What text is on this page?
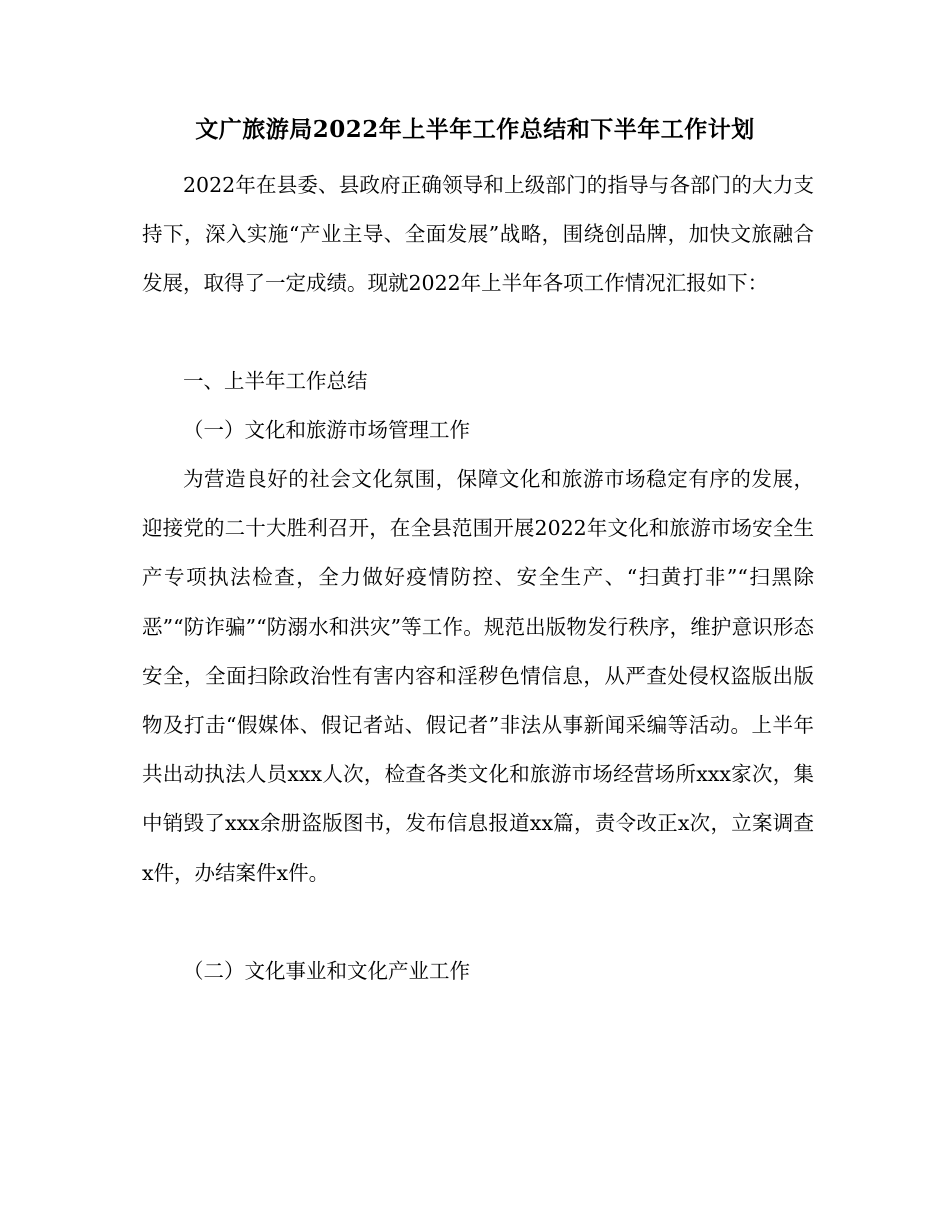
文广旅游局2022年上半年工作总结和下半年工作计划

2022年在县委、县政府正确领导和上级部门的指导与各部门的大力支持下，深入实施“产业主导、全面发展”战略，围绕创品牌，加快文旅融合发展，取得了一定成绩。现就2022年上半年各项工作情况汇报如下：

一、上半年工作总结
（一）文化和旅游市场管理工作

为营造良好的社会文化氛围，保障文化和旅游市场稳定有序的发展，迎接党的二十大胜利召开，在全县范围开展2022年文化和旅游市场安全生产专项执法检查，全力做好疫情防控、安全生产、“扫黄打非”“扫黑除恶”“防诈骗”“防溺水和洪灾”等工作。规范出版物发行秩序，维护意识形态安全，全面扫除政治性有害内容和淫秽色情信息，从严查处侵权盗版出版物及打击“假媒体、假记者站、假记者”非法从事新闻采编等活动。上半年共出动执法人员xxx人次，检查各类文化和旅游市场经营场所xxx家次，集中销毁了xxx余册盗版图书，发布信息报道xx篇，责令改正x次，立案调查x件，办结案件x件。

（二）文化事业和文化产业工作
